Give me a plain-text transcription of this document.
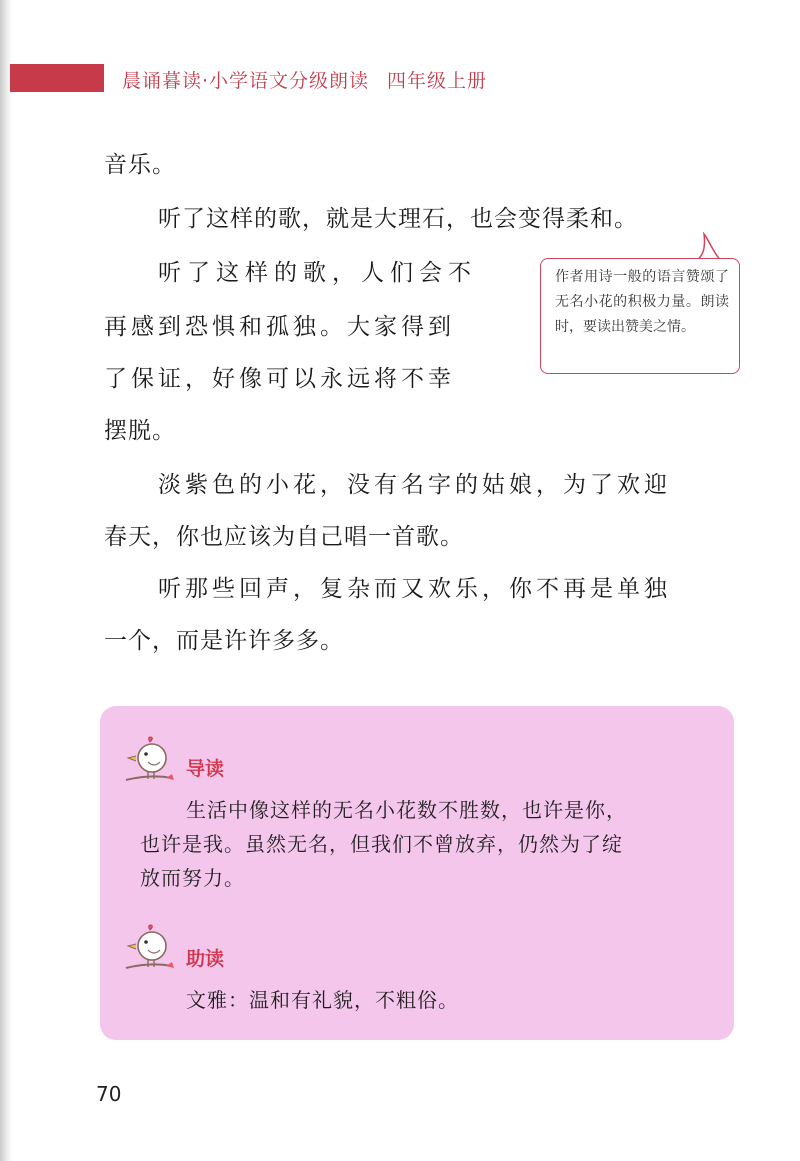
晨诵暮读·小学语文分级朗读 四年级上册
音乐。
听了这样的歌，就是大理石，也会变得柔和。
听了这样的歌，人们会不
再感到恐惧和孤独。大家得到
了保证，好像可以永远将不幸
摆脱。
淡紫色的小花，没有名字的姑娘，为了欢迎
春天，你也应该为自己唱一首歌。
听那些回声，复杂而又欢乐，你不再是单独
一个，而是许许多多。
作者用诗一般的语言赞颂了无名小花的积极力量。朗读时，要读出赞美之情。
导读
生活中像这样的无名小花数不胜数，也许是你，
也许是我。虽然无名，但我们不曾放弃，仍然为了绽
放而努力。
助读
文雅：温和有礼貌，不粗俗。
70
